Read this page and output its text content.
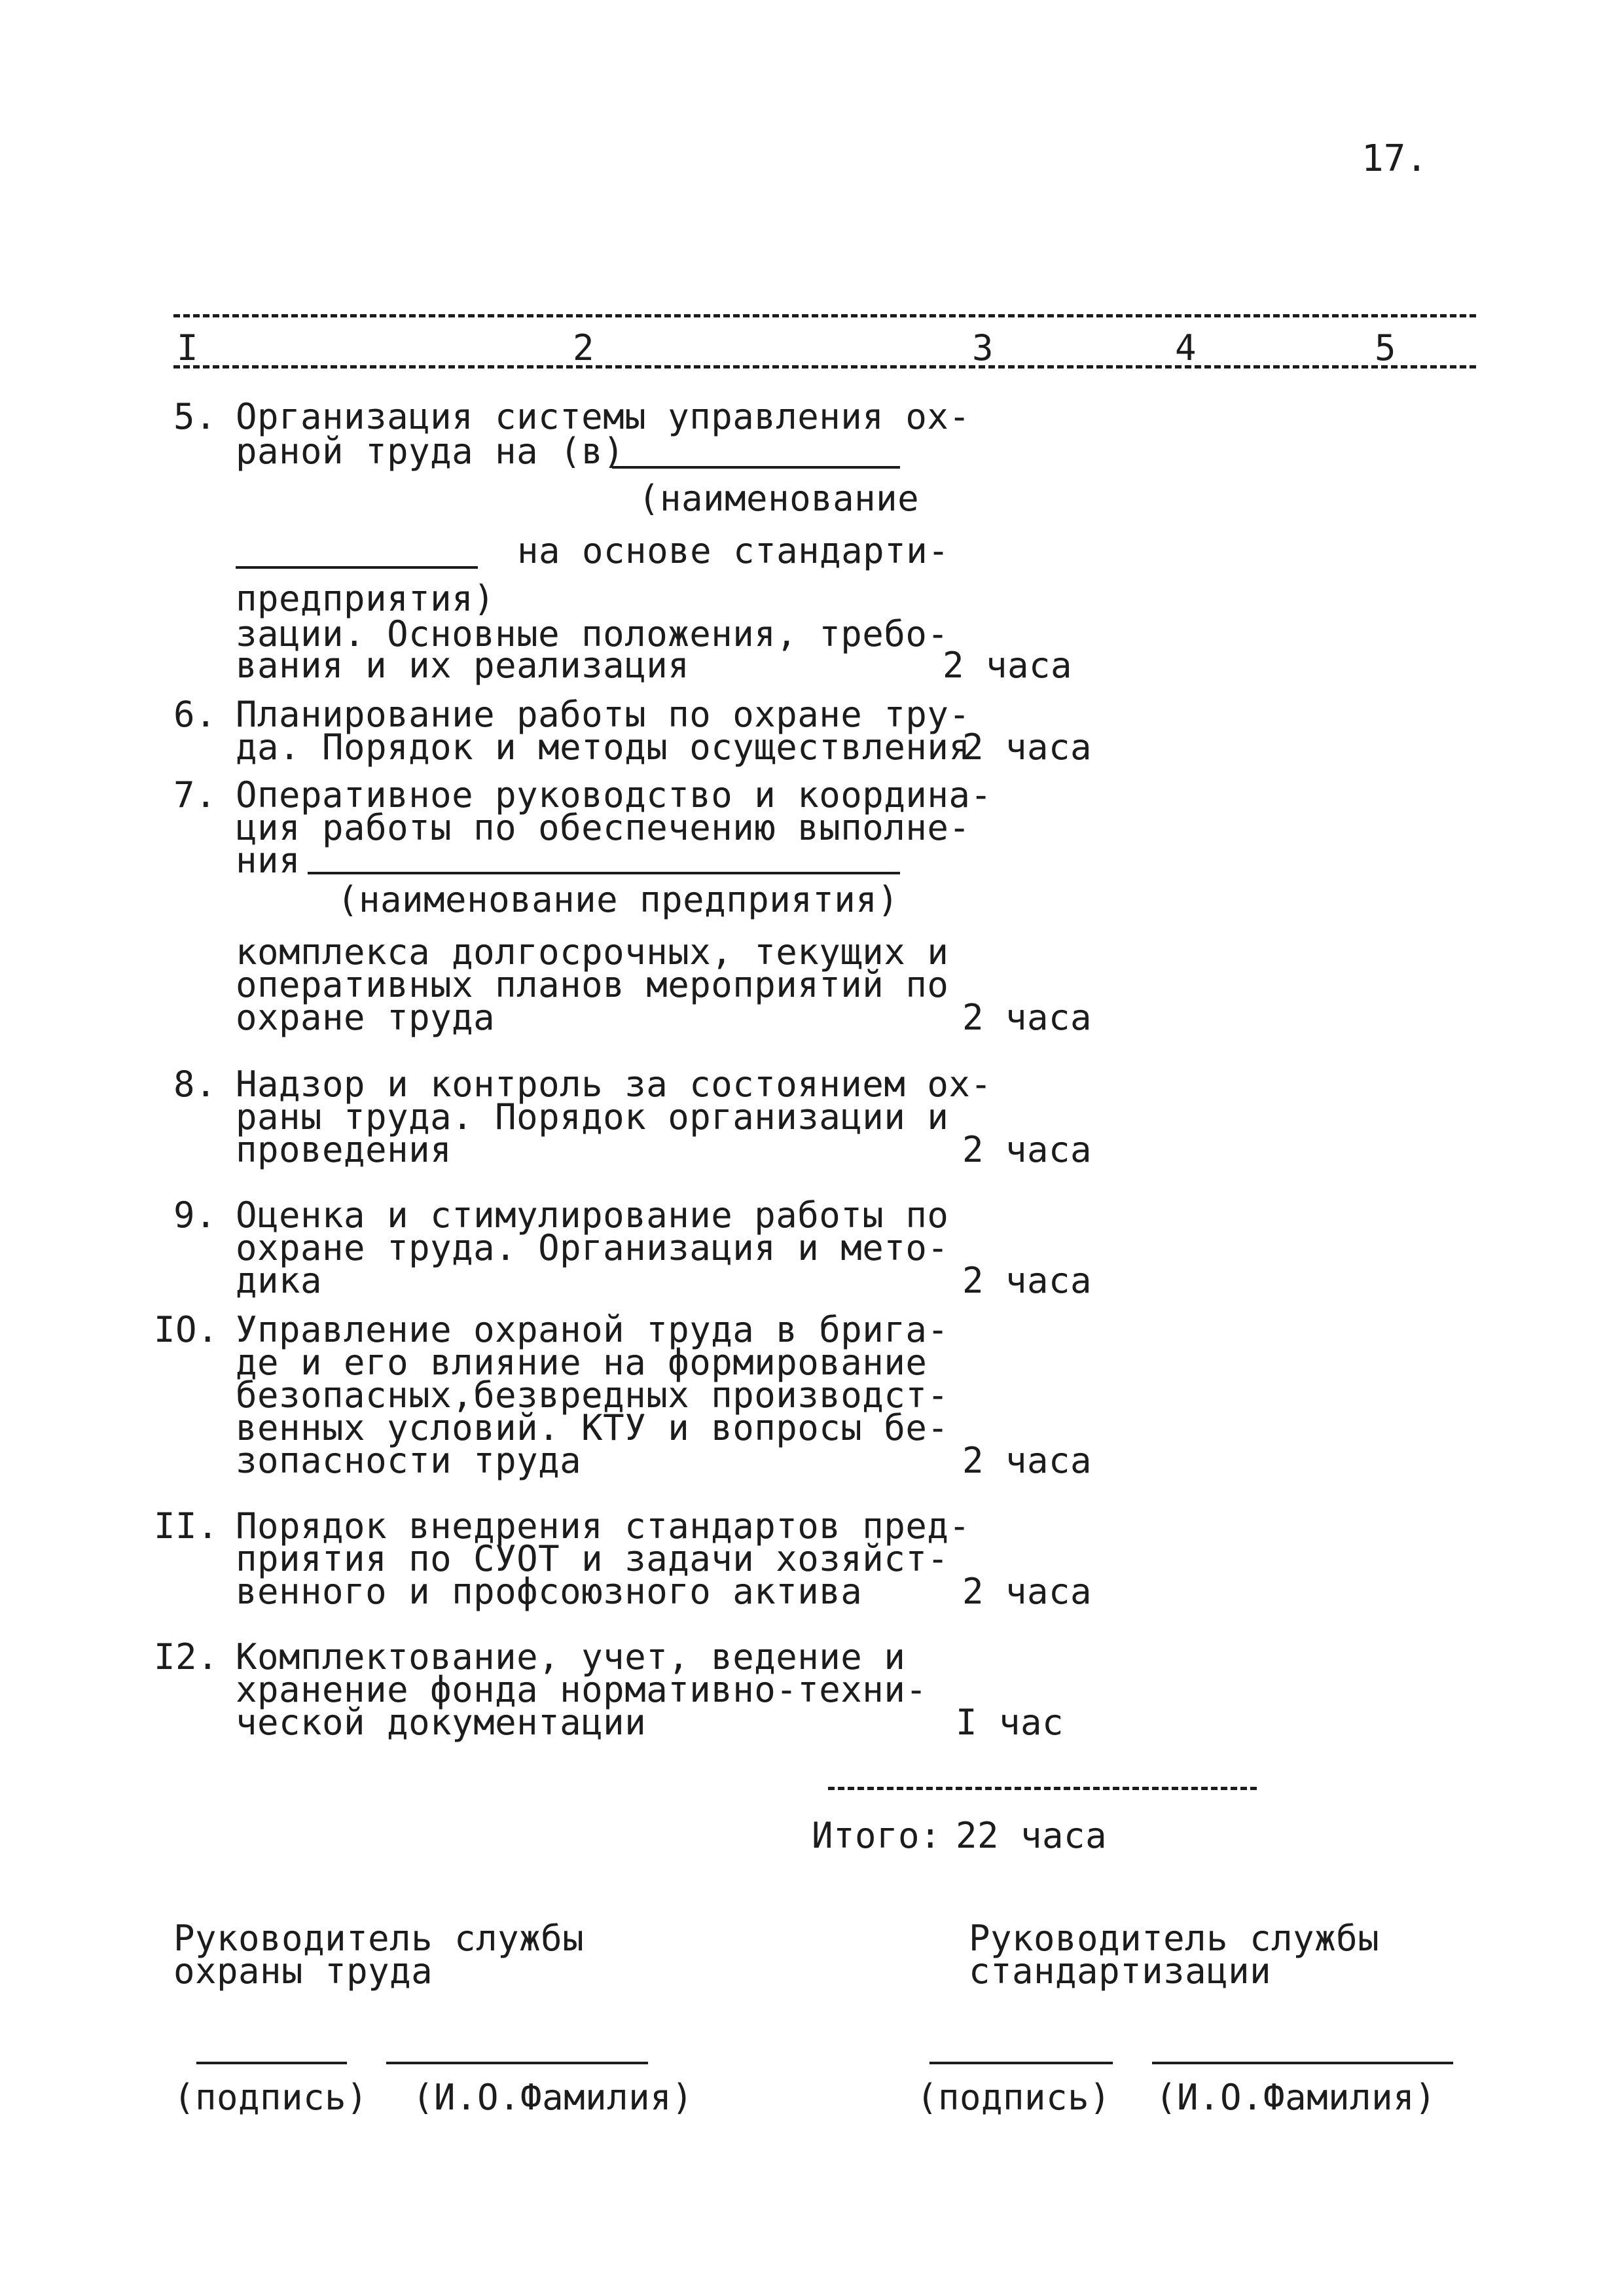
17.
I	2	3	4	5
5. Организация системы управления ох-
раной труда на (в)
(наименование
на основе стандарти-
предприятия)
зации. Основные положения, требо-
вания и их реализация	2 часа
6. Планирование работы по охране тру-
да. Порядок и методы осуществления
2 часа
7. Оперативное руководство и координа-
ция работы по обеспечению выполне-
ния
(наименование предприятия)
комплекса долгосрочных, текущих и
оперативных планов мероприятий по
охране труда	2 часа
8. Надзор и контроль за состоянием ох-
раны труда. Порядок организации и
проведения	2 часа
9. Оценка и стимулирование работы по
охране труда. Организация и мето-
дика	2 часа
IO. Управление охраной труда в брига-
де и его влияние на формирование
безопасных,безвредных производст-
венных условий. КТУ и вопросы бе-
зопасности труда	2 часа
II. Порядок внедрения стандартов пред-
приятия по СУОТ и задачи хозяйст-
венного и профсоюзного актива	2 часа
I2. Комплектование, учет, ведение и
хранение фонда нормативно-техни-
ческой документации	I час
Итого: 22 часа
Руководитель службы
охраны труда
(подпись) (И.О.Фамилия)
Руководитель службы
стандартизации
(подпись) (И.О.Фамилия)
